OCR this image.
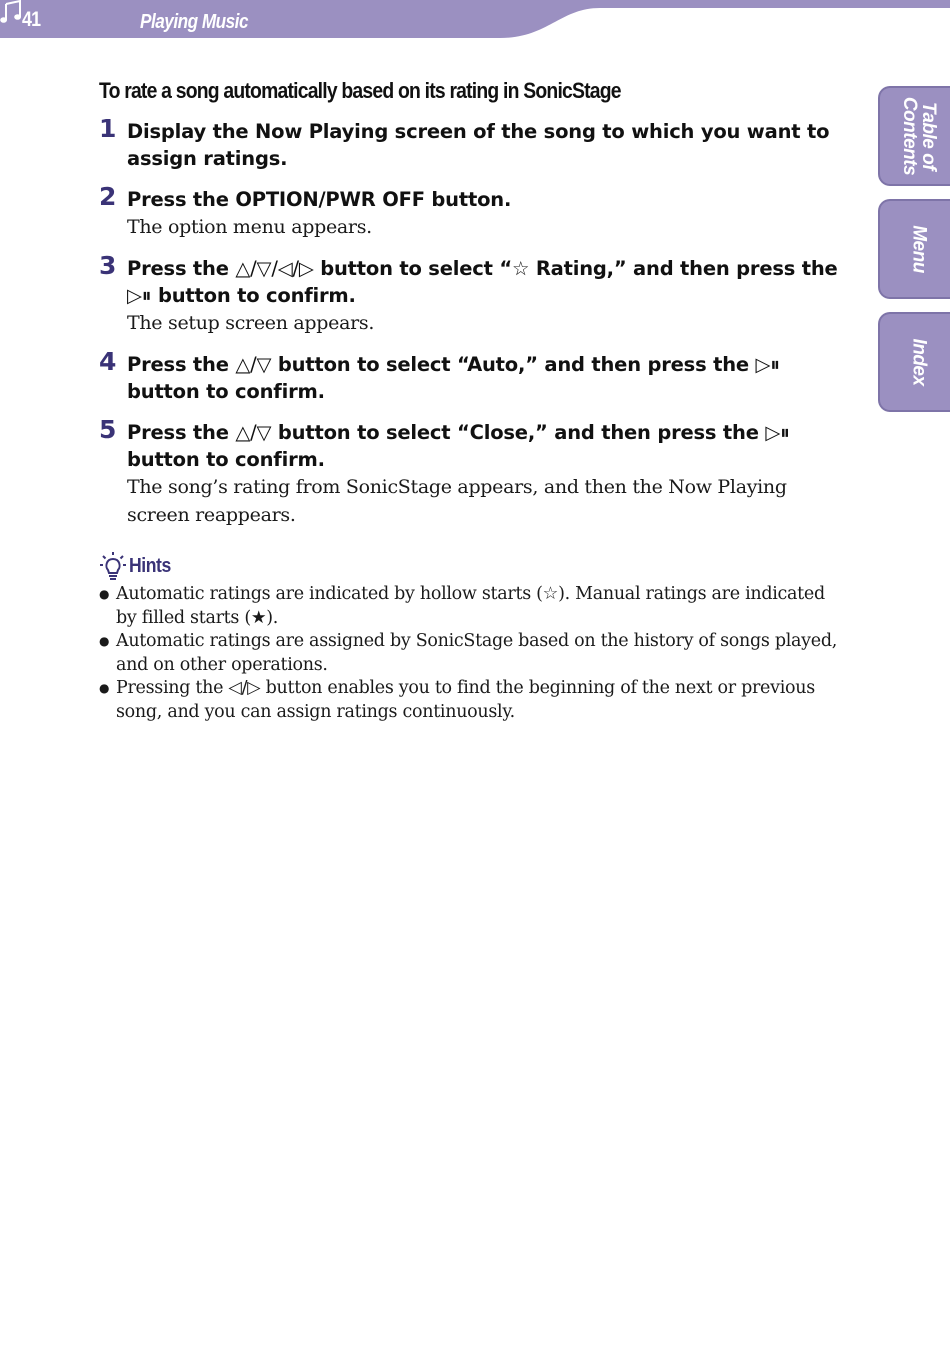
41	Playing Music
Table of
Contents
Menu
Index
To rate a song automatically based on its rating in SonicStage
1 Display the Now Playing screen of the song to which you want to assign ratings.
2 Press the OPTION/PWR OFF button.
The option menu appears.
3 Press the △/▽/◁/▷ button to select “☆ Rating,” and then press the ▷⏸ button to confirm.
The setup screen appears.
4 Press the △/▽ button to select “Auto,” and then press the ▷⏸ button to confirm.
5 Press the △/▽ button to select “Close,” and then press the ▷⏸ button to confirm.
The song’s rating from SonicStage appears, and then the Now Playing screen reappears.
Hints
● Automatic ratings are indicated by hollow starts (☆). Manual ratings are indicated by filled starts (★).
● Automatic ratings are assigned by SonicStage based on the history of songs played, and on other operations.
● Pressing the ◁/▷ button enables you to find the beginning of the next or previous song, and you can assign ratings continuously.
